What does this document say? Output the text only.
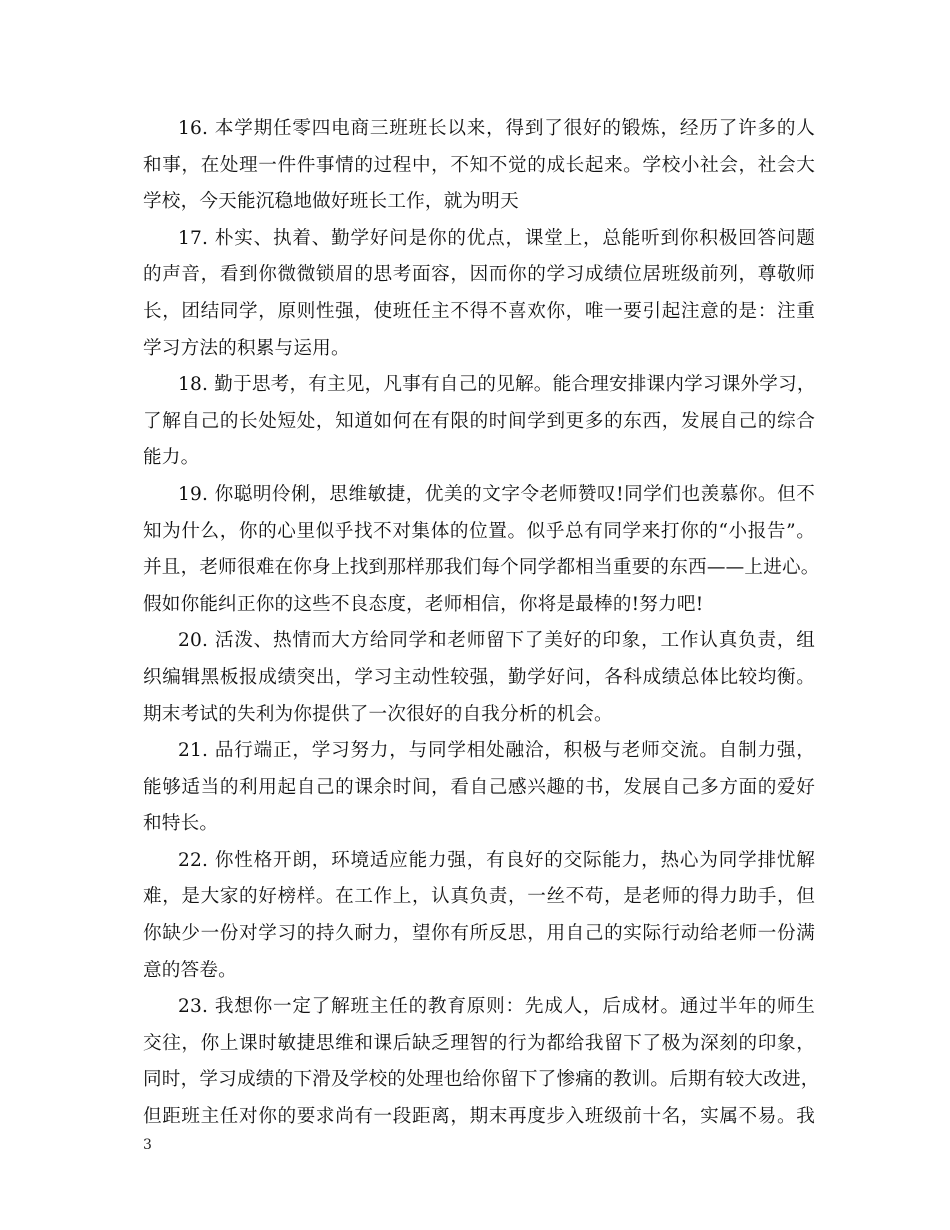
16. 本学期任零四电商三班班长以来，得到了很好的锻炼，经历了许多的人
和事，在处理一件件事情的过程中，不知不觉的成长起来。学校小社会，社会大
学校，今天能沉稳地做好班长工作，就为明天
17. 朴实、执着、勤学好问是你的优点，课堂上，总能听到你积极回答问题
的声音，看到你微微锁眉的思考面容，因而你的学习成绩位居班级前列，尊敬师
长，团结同学，原则性强，使班任主不得不喜欢你，唯一要引起注意的是：注重
学习方法的积累与运用。
18. 勤于思考，有主见，凡事有自己的见解。能合理安排课内学习课外学习，
了解自己的长处短处，知道如何在有限的时间学到更多的东西，发展自己的综合
能力。
19. 你聪明伶俐，思维敏捷，优美的文字令老师赞叹!同学们也羡慕你。但不
知为什么，你的心里似乎找不对集体的位置。似乎总有同学来打你的“小报告”。
并且，老师很难在你身上找到那样那我们每个同学都相当重要的东西——上进心。
假如你能纠正你的这些不良态度，老师相信，你将是最棒的!努力吧!
20. 活泼、热情而大方给同学和老师留下了美好的印象，工作认真负责，组
织编辑黑板报成绩突出，学习主动性较强，勤学好问，各科成绩总体比较均衡。
期末考试的失利为你提供了一次很好的自我分析的机会。
21. 品行端正，学习努力，与同学相处融洽，积极与老师交流。自制力强，
能够适当的利用起自己的课余时间，看自己感兴趣的书，发展自己多方面的爱好
和特长。
22. 你性格开朗，环境适应能力强，有良好的交际能力，热心为同学排忧解
难，是大家的好榜样。在工作上，认真负责，一丝不苟，是老师的得力助手，但
你缺少一份对学习的持久耐力，望你有所反思，用自己的实际行动给老师一份满
意的答卷。
23. 我想你一定了解班主任的教育原则：先成人，后成材。通过半年的师生
交往，你上课时敏捷思维和课后缺乏理智的行为都给我留下了极为深刻的印象，
同时，学习成绩的下滑及学校的处理也给你留下了惨痛的教训。后期有较大改进，
但距班主任对你的要求尚有一段距离，期末再度步入班级前十名，实属不易。我
3
